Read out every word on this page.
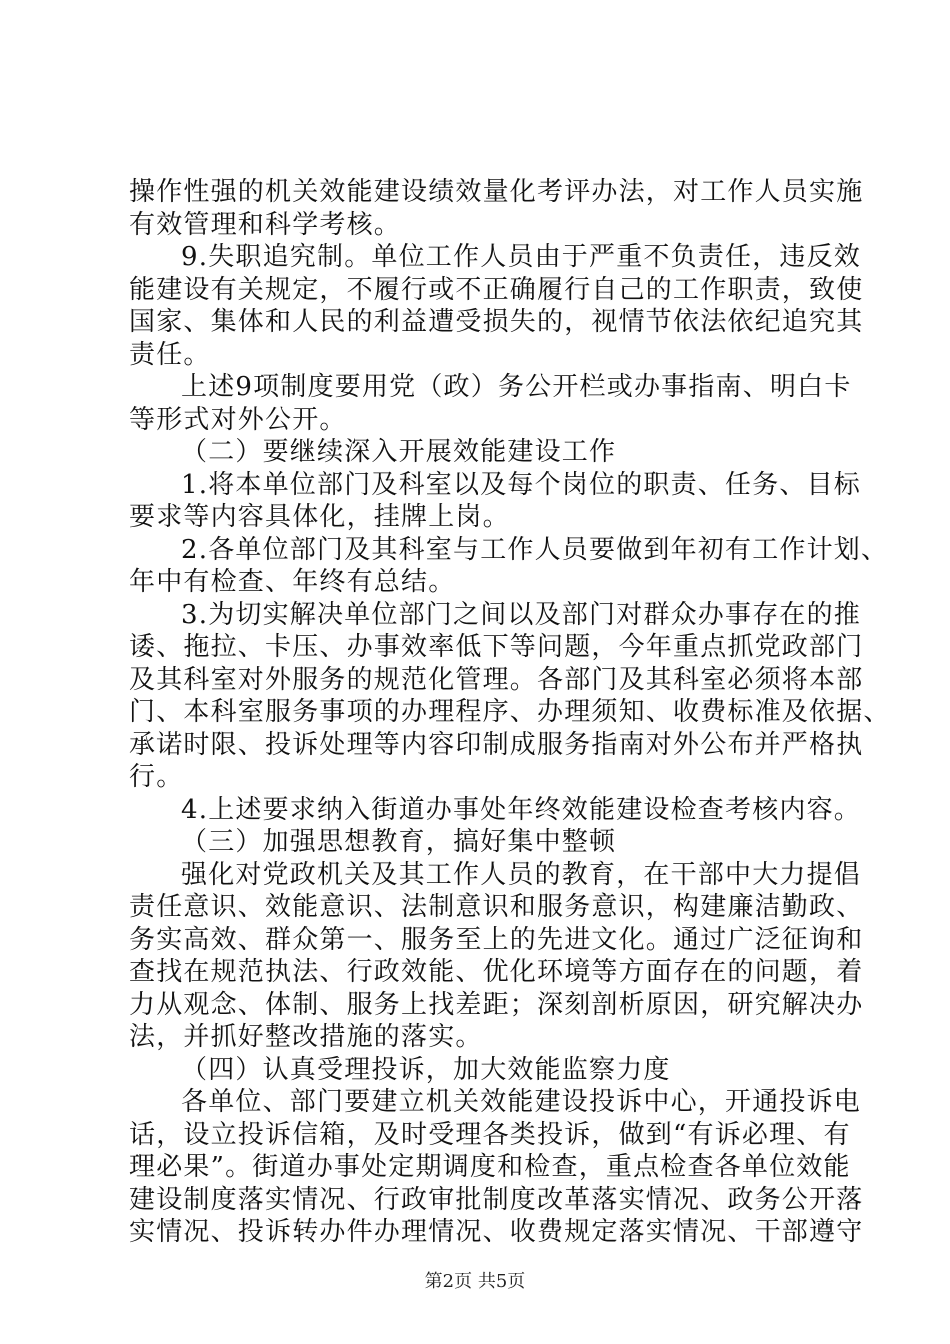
操作性强的机关效能建设绩效量化考评办法，对工作人员实施
有效管理和科学考核。
9.失职追究制。单位工作人员由于严重不负责任，违反效
能建设有关规定，不履行或不正确履行自己的工作职责，致使
国家、集体和人民的利益遭受损失的，视情节依法依纪追究其
责任。
上述9项制度要用党（政）务公开栏或办事指南、明白卡
等形式对外公开。
（二）要继续深入开展效能建设工作
1.将本单位部门及科室以及每个岗位的职责、任务、目标
要求等内容具体化，挂牌上岗。
2.各单位部门及其科室与工作人员要做到年初有工作计划、
年中有检查、年终有总结。
3.为切实解决单位部门之间以及部门对群众办事存在的推
诿、拖拉、卡压、办事效率低下等问题，今年重点抓党政部门
及其科室对外服务的规范化管理。各部门及其科室必须将本部
门、本科室服务事项的办理程序、办理须知、收费标准及依据、
承诺时限、投诉处理等内容印制成服务指南对外公布并严格执
行。
4.上述要求纳入街道办事处年终效能建设检查考核内容。
（三）加强思想教育，搞好集中整顿
强化对党政机关及其工作人员的教育，在干部中大力提倡
责任意识、效能意识、法制意识和服务意识，构建廉洁勤政、
务实高效、群众第一、服务至上的先进文化。通过广泛征询和
查找在规范执法、行政效能、优化环境等方面存在的问题，着
力从观念、体制、服务上找差距；深刻剖析原因，研究解决办
法，并抓好整改措施的落实。
（四）认真受理投诉，加大效能监察力度
各单位、部门要建立机关效能建设投诉中心，开通投诉电
话，设立投诉信箱，及时受理各类投诉，做到“有诉必理、有
理必果”。街道办事处定期调度和检查，重点检查各单位效能
建设制度落实情况、行政审批制度改革落实情况、政务公开落
实情况、投诉转办件办理情况、收费规定落实情况、干部遵守
第2页 共5页
